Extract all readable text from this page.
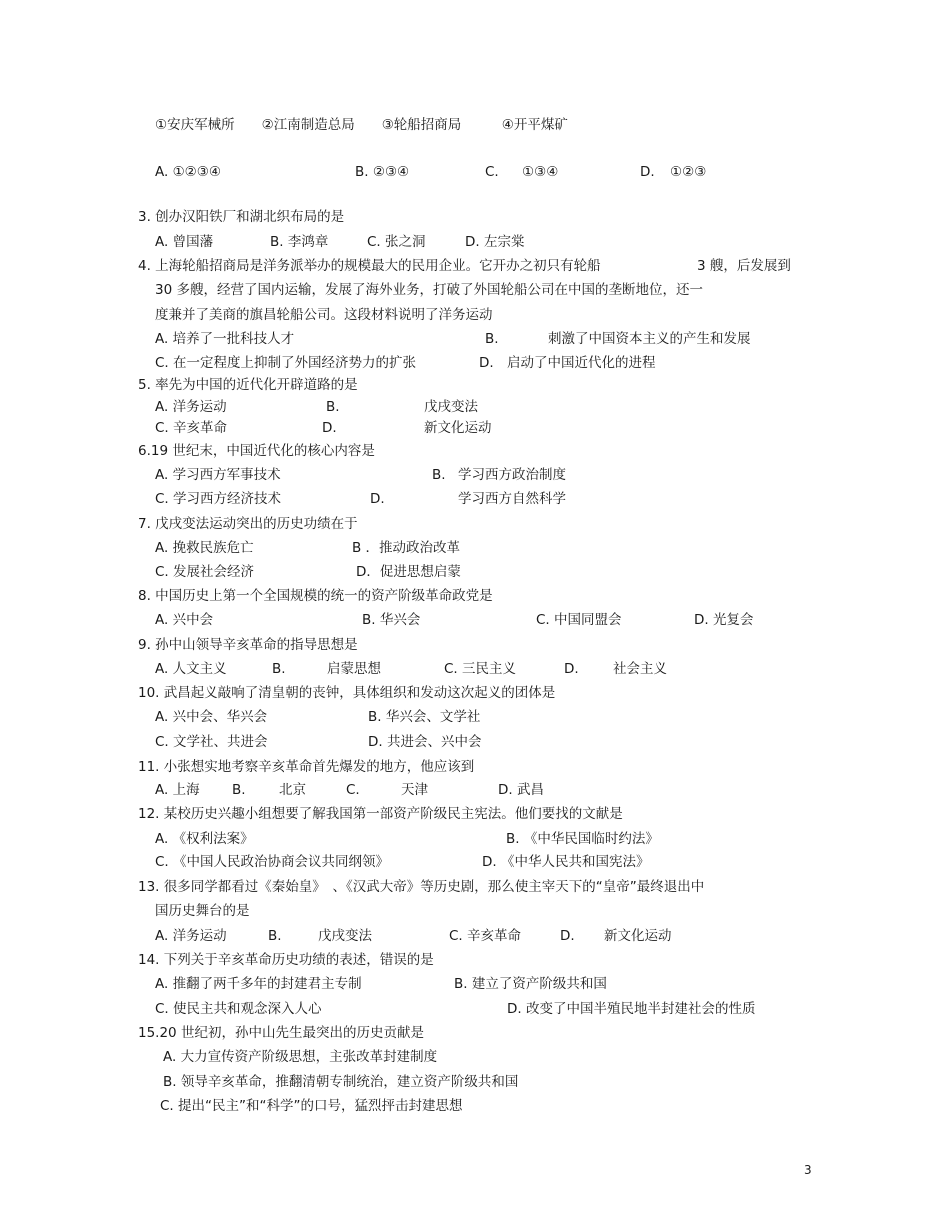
①安庆军械所　　②江南制造总局　　③轮船招商局　　　④开平煤矿
A. ①②③④	B. ②③④	C. ①③④	D. ①②③
3. 创办汉阳铁厂和湖北织布局的是
A. 曾国藩	B. 李鸿章	C. 张之洞	D. 左宗棠
4. 上海轮船招商局是洋务派举办的规模最大的民用企业。它开办之初只有轮船	3 艘，后发展到
30 多艘，经营了国内运输，发展了海外业务，打破了外国轮船公司在中国的垄断地位，还一
度兼并了美商的旗昌轮船公司。这段材料说明了洋务运动
A. 培养了一批科技人才	B.	刺激了中国资本主义的产生和发展
C. 在一定程度上抑制了外国经济势力的扩张	D. 启动了中国近代化的进程
5. 率先为中国的近代化开辟道路的是
A. 洋务运动	B.	戊戌变法
C. 辛亥革命	D.	新文化运动
6.19 世纪末，中国近代化的核心内容是
A. 学习西方军事技术	B. 学习西方政治制度
C. 学习西方经济技术	D.	学习西方自然科学
7. 戊戌变法运动突出的历史功绩在于
A. 挽救民族危亡	B ．推动政治改革
C. 发展社会经济	D．促进思想启蒙
8. 中国历史上第一个全国规模的统一的资产阶级革命政党是
A. 兴中会	B. 华兴会	C. 中国同盟会	D. 光复会
9. 孙中山领导辛亥革命的指导思想是
A. 人文主义	B.	启蒙思想	C. 三民主义	D.	社会主义
10. 武昌起义敲响了清皇朝的丧钟，具体组织和发动这次起义的团体是
A. 兴中会、华兴会	B. 华兴会、文学社
C. 文学社、共进会	D. 共进会、兴中会
11. 小张想实地考察辛亥革命首先爆发的地方，他应该到
A. 上海 B. 北京	C.	天津	D. 武昌
12. 某校历史兴趣小组想要了解我国第一部资产阶级民主宪法。他们要找的文献是
A. 《权利法案》	B. 《中华民国临时约法》
C. 《中国人民政治协商会议共同纲领》	D. 《中华人民共和国宪法》
13. 很多同学都看过《秦始皇》　、《汉武大帝》等历史剧，那么使主宰天下的“皇帝”最终退出中
国历史舞台的是
A. 洋务运动	B.	戊戌变法	C. 辛亥革命	D. 新文化运动
14. 下列关于辛亥革命历史功绩的表述，错误的是
A. 推翻了两千多年的封建君主专制	B. 建立了资产阶级共和国
C. 使民主共和观念深入人心	D. 改变了中国半殖民地半封建社会的性质
15.20 世纪初，孙中山先生最突出的历史贡献是
A. 大力宣传资产阶级思想，主张改革封建制度
B. 领导辛亥革命，推翻清朝专制统治，建立资产阶级共和国
C. 提出“民主”和“科学”的口号，猛烈抨击封建思想
3
